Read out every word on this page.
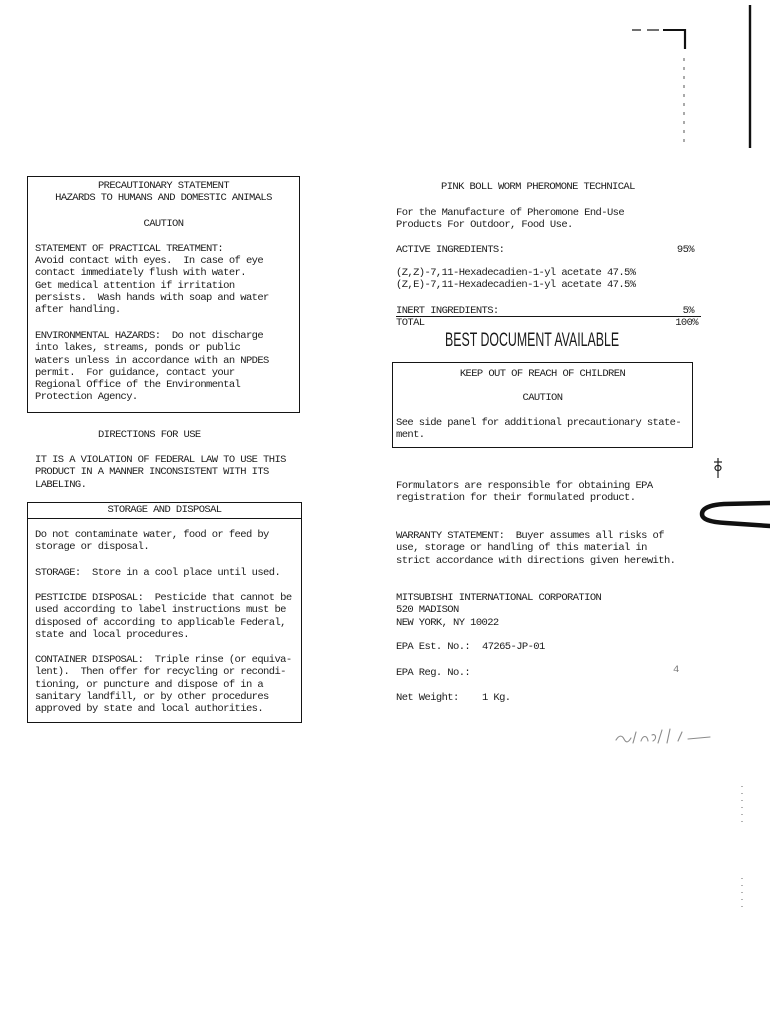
PRECAUTIONARY STATEMENT
HAZARDS TO HUMANS AND DOMESTIC ANIMALS
CAUTION
STATEMENT OF PRACTICAL TREATMENT:
Avoid contact with eyes.  In case of eye
contact immediately flush with water.
Get medical attention if irritation
persists.  Wash hands with soap and water
after handling.
ENVIRONMENTAL HAZARDS:  Do not discharge
into lakes, streams, ponds or public
waters unless in accordance with an NPDES
permit.  For guidance, contact your
Regional Office of the Environmental
Protection Agency.
DIRECTIONS FOR USE
IT IS A VIOLATION OF FEDERAL LAW TO USE THIS
PRODUCT IN A MANNER INCONSISTENT WITH ITS
LABELING.
STORAGE AND DISPOSAL
Do not contaminate water, food or feed by
storage or disposal.
STORAGE:  Store in a cool place until used.
PESTICIDE DISPOSAL:  Pesticide that cannot be
used according to label instructions must be
disposed of according to applicable Federal,
state and local procedures.
CONTAINER DISPOSAL:  Triple rinse (or equiva-
lent).  Then offer for recycling or recondi-
tioning, or puncture and dispose of in a
sanitary landfill, or by other procedures
approved by state and local authorities.
PINK BOLL WORM PHEROMONE TECHNICAL
For the Manufacture of Pheromone End-Use
Products For Outdoor, Food Use.
ACTIVE INGREDIENTS:	95%
(Z,Z)-7,11-Hexadecadien-1-yl acetate 47.5%
(Z,E)-7,11-Hexadecadien-1-yl acetate 47.5%
INERT INGREDIENTS:	5%
TOTAL	100%
BEST DOCUMENT AVAILABLE
KEEP OUT OF REACH OF CHILDREN
CAUTION
See side panel for additional precautionary state-
ment.
Formulators are responsible for obtaining EPA
registration for their formulated product.
WARRANTY STATEMENT:  Buyer assumes all risks of
use, storage or handling of this material in
strict accordance with directions given herewith.
MITSUBISHI INTERNATIONAL CORPORATION
520 MADISON
NEW YORK, NY 10022
EPA Est. No.: 47265-JP-01
EPA Reg. No.:	4
Net Weight: 1 Kg.
